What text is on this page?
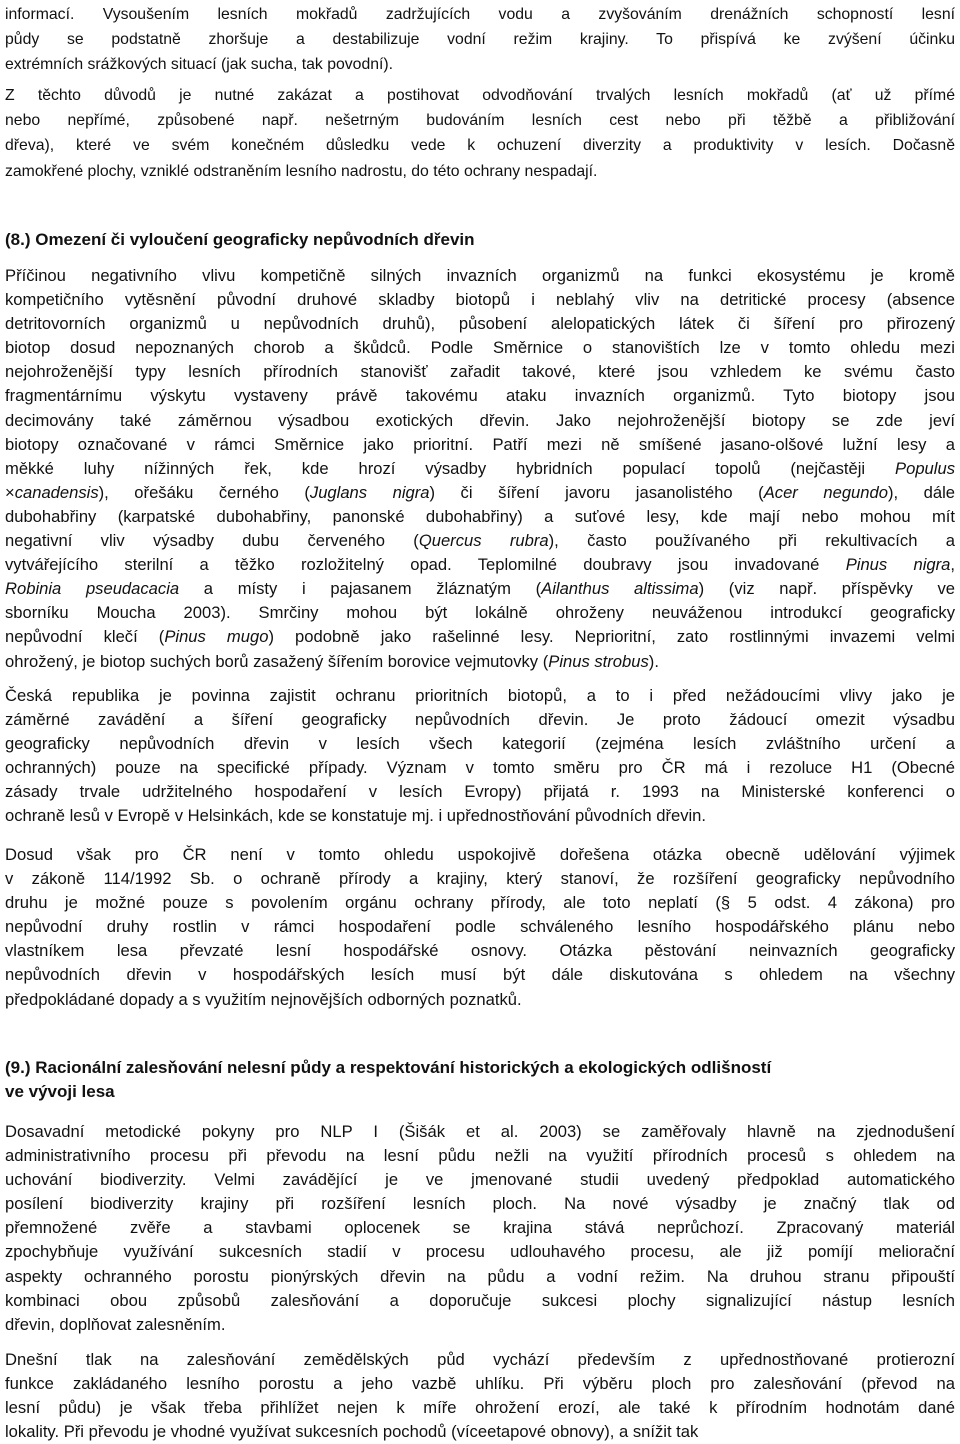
informací. Vysoušením lesních mokřadů zadržujících vodu a zvyšováním drenážních schopností lesní
půdy se podstatně zhoršuje a destabilizuje vodní režim krajiny. To přispívá ke zvýšení účinku
extrémních srážkových situací (jak sucha, tak povodní).
Z těchto důvodů je nutné zakázat a postihovat odvodňování trvalých lesních mokřadů (ať už přímé
nebo nepřímé, způsobené např. nešetrným budováním lesních cest nebo při těžbě a přibližování
dřeva), které ve svém konečném důsledku vede k ochuzení diverzity a produktivity v lesích. Dočasně
zamokřené plochy, vzniklé odstraněním lesního nadrostu, do této ochrany nespadají.
(8.) Omezení či vyloučení geograficky nepůvodních dřevin
Příčinou negativního vlivu kompetičně silných invazních organizmů na funkci ekosystému je kromě
kompetičního vytěsnění původní druhové skladby biotopů i neblahý vliv na detritické procesy (absence
detritovorních organizmů u nepůvodních druhů), působení alelopatických látek či šíření pro přirozený
biotop dosud nepoznaných chorob a škůdců. Podle Směrnice o stanovištích lze v tomto ohledu mezi
nejohroženější typy lesních přírodních stanovišť zařadit takové, které jsou vzhledem ke svému často
fragmentárnímu výskytu vystaveny právě takovému ataku invazních organizmů. Tyto biotopy jsou
decimovány také záměrnou výsadbou exotických dřevin. Jako nejohroženější biotopy se zde jeví
biotopy označované v rámci Směrnice jako prioritní. Patří mezi ně smíšené jasano-olšové lužní lesy a
měkké luhy nížinných řek, kde hrozí výsadby hybridních populací topolů (nejčastěji Populus
×canadensis), ořešáku černého (Juglans nigra) či šíření javoru jasanolistého (Acer negundo), dále
dubohabřiny (karpatské dubohabřiny, panonské dubohabřiny) a suťové lesy, kde mají nebo mohou mít
negativní vliv výsadby dubu červeného (Quercus rubra), často používaného při rekultivacích a
vytvářejícího sterilní a těžko rozložitelný opad. Teplomilné doubravy jsou invadované Pinus nigra,
Robinia pseudacacia a místy i pajasanem žláznatým (Ailanthus altissima) (viz např. příspěvky ve
sborníku Moucha 2003). Smrčiny mohou být lokálně ohroženy neuváženou introdukcí geograficky
nepůvodní klečí (Pinus mugo) podobně jako rašelinné lesy. Neprioritní, zato rostlinnými invazemi velmi
ohrožený, je biotop suchých borů zasažený šířením borovice vejmutovky (Pinus strobus).
Česká republika je povinna zajistit ochranu prioritních biotopů, a to i před nežádoucími vlivy jako je
záměrné zavádění a šíření geograficky nepůvodních dřevin. Je proto žádoucí omezit výsadbu
geograficky nepůvodních dřevin v lesích všech kategorií (zejména lesích zvláštního určení a
ochranných) pouze na specifické případy. Význam v tomto směru pro ČR má i rezoluce H1 (Obecné
zásady trvale udržitelného hospodaření v lesích Evropy) přijatá r. 1993 na Ministerské konferenci o
ochraně lesů v Evropě v Helsinkách, kde se konstatuje mj. i upřednostňování původních dřevin.
Dosud však pro ČR není v tomto ohledu uspokojivě dořešena otázka obecně udělování výjimek
v zákoně 114/1992 Sb. o ochraně přírody a krajiny, který stanoví, že rozšíření geograficky nepůvodního
druhu je možné pouze s povolením orgánu ochrany přírody, ale toto neplatí (§ 5 odst. 4 zákona) pro
nepůvodní druhy rostlin v rámci hospodaření podle schváleného lesního hospodářského plánu nebo
vlastníkem lesa převzaté lesní hospodářské osnovy. Otázka pěstování neinvazních geograficky
nepůvodních dřevin v hospodářských lesích musí být dále diskutována s ohledem na všechny
předpokládané dopady a s využitím nejnovějších odborných poznatků.
(9.) Racionální zalesňování nelesní půdy a respektování historických a ekologických odlišností
ve vývoji lesa
Dosavadní metodické pokyny pro NLP I (Šišák et al. 2003) se zaměřovaly hlavně na zjednodušení
administrativního procesu při převodu na lesní půdu nežli na využití přírodních procesů s ohledem na
uchování biodiverzity. Velmi zavádějící je ve jmenované studii uvedený předpoklad automatického
posílení biodiverzity krajiny při rozšíření lesních ploch. Na nové výsadby je značný tlak od
přemnožené zvěře a stavbami oplocenek se krajina stává neprůchozí. Zpracovaný materiál
zpochybňuje využívání sukcesních stadií v procesu udlouhavého procesu, ale již pomíjí meliorační
aspekty ochranného porostu pionýrských dřevin na půdu a vodní režim. Na druhou stranu připouští
kombinaci obou způsobů zalesňování a doporučuje sukcesi plochy signalizující nástup lesních
dřevin, doplňovat zalesněním.
Dnešní tlak na zalesňování zemědělských půd vychází především z upřednostňované protierozní
funkce zakládaného lesního porostu a jeho vazbě uhlíku. Při výběru ploch pro zalesňování (převod na
lesní půdu) je však třeba přihlížet nejen k míře ohrožení erozí, ale také k přírodním hodnotám dané
lokality. Při převodu je vhodné využívat sukcesních pochodů (víceetapové obnovy), a snížit tak
